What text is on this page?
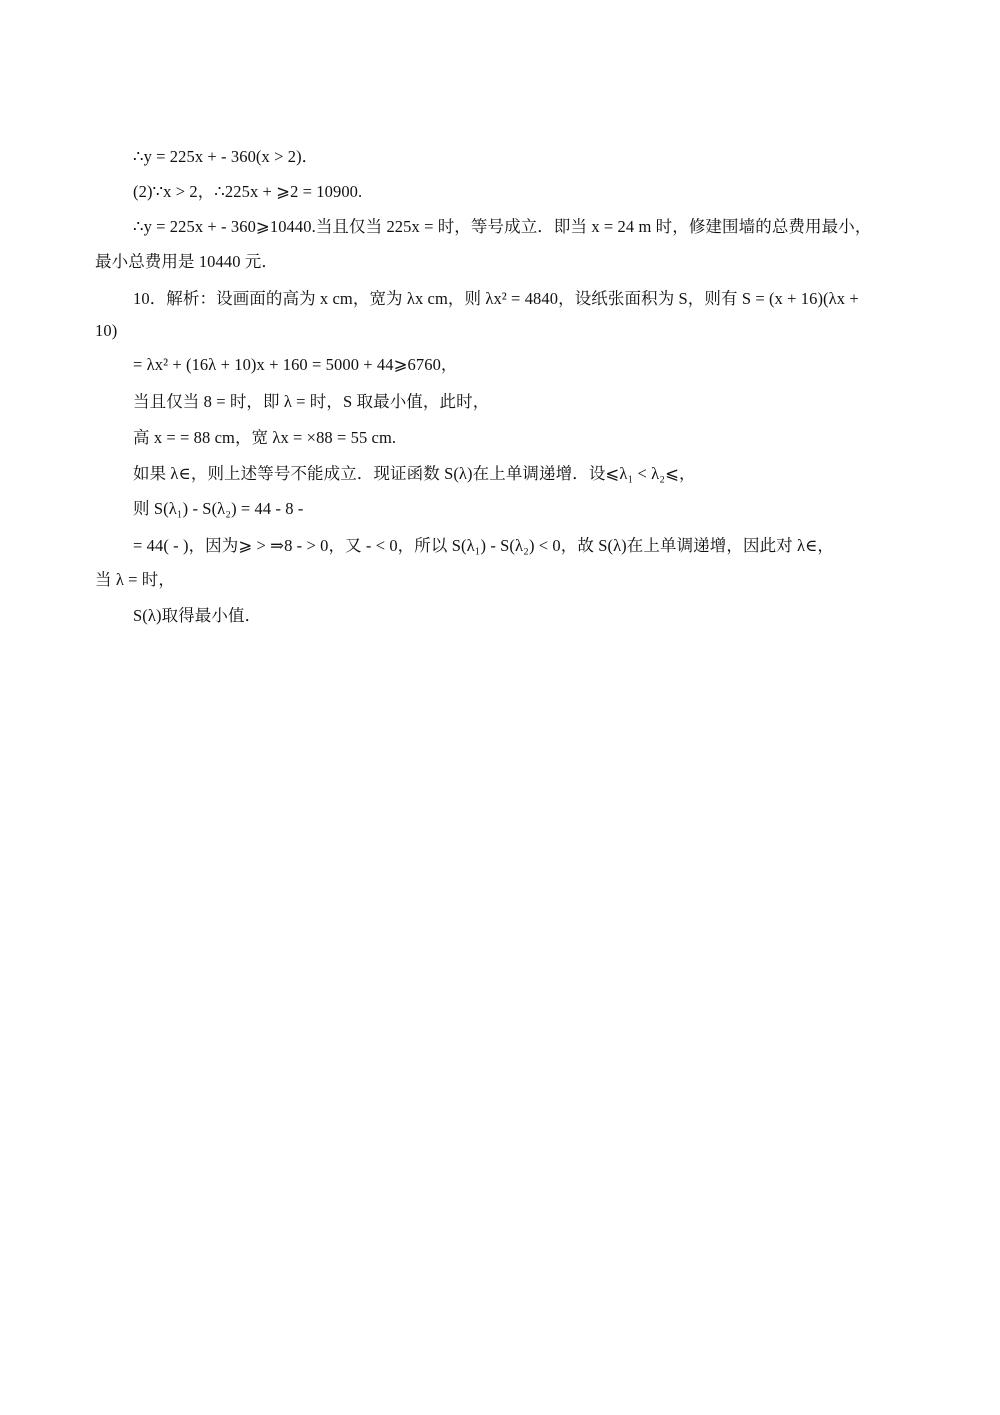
∴y = 225x + ‐ 360(x > 2)．
(2)∵x > 2，∴225x + ⩾2 = 10900.
∴y = 225x + ‐ 360⩾10440.当且仅当 225x = 时，等号成立．即当 x = 24 m 时，修建围墙的总费用最小，
最小总费用是 10440 元．
10．解析：设画面的高为 x cm，宽为 λx cm，则 λx² = 4840，设纸张面积为 S，则有 S = (x + 16)(λx +
10)
= λx² + (16λ + 10)x + 160 = 5000 + 44⩾6760，
当且仅当 8 = 时，即 λ = 时，S 取最小值，此时，
高 x = = 88 cm，宽 λx = ×88 = 55 cm.
如果 λ∈，则上述等号不能成立．现证函数 S(λ)在上单调递增．设⩽λ₁ < λ₂⩽，
则 S(λ₁) ‐ S(λ₂) = 44 ‐ 8 ‐
= 44( ‐ )，因为⩾ > ⇒8 ‐ > 0，又 ‐ < 0，所以 S(λ₁) ‐ S(λ₂) < 0，故 S(λ)在上单调递增，因此对 λ∈，
当 λ = 时，
S(λ)取得最小值．
